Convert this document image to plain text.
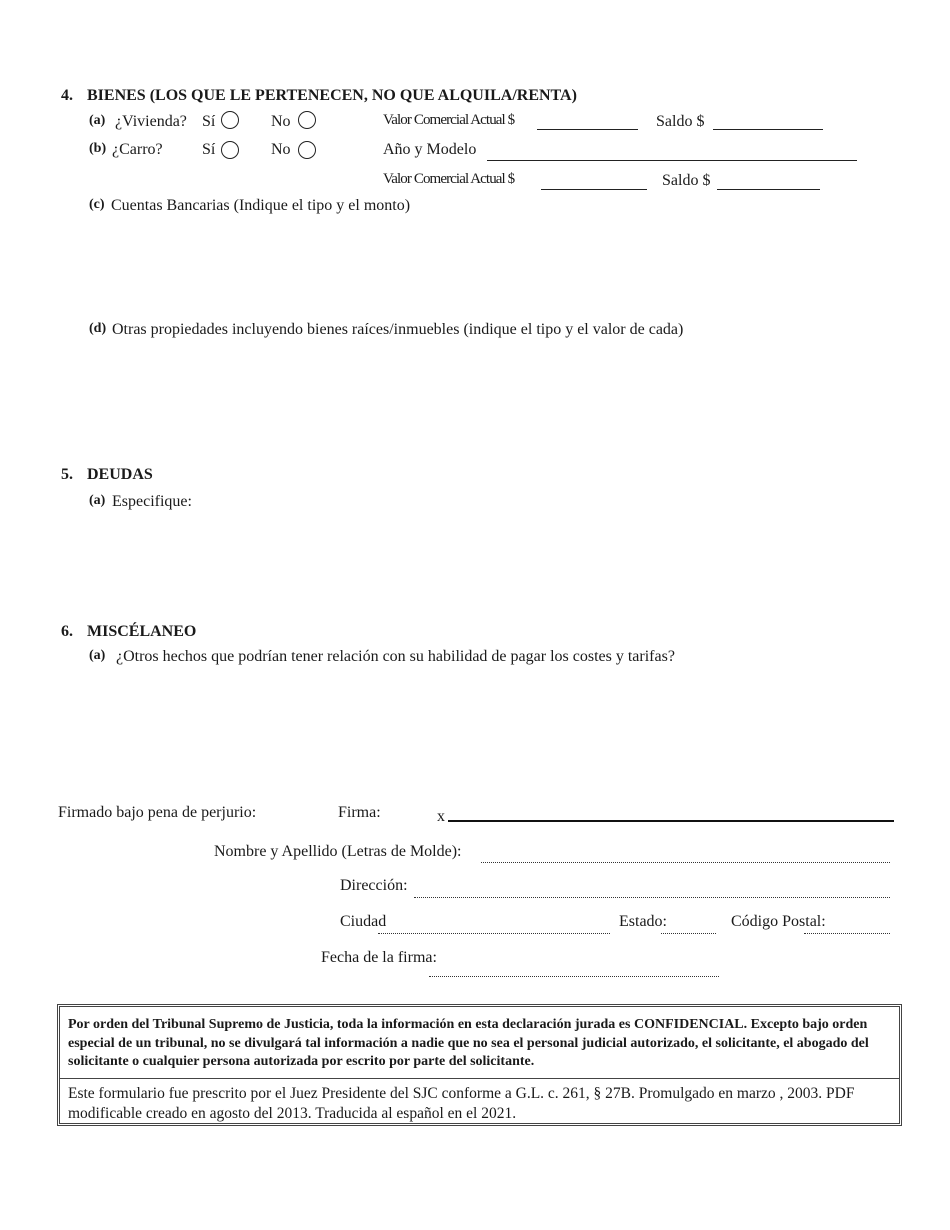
4. BIENES (LOS QUE LE PERTENECEN, NO QUE ALQUILA/RENTA)
(a) ¿Vivienda? Sí	No	Valor Comercial Actual $	Saldo $
(b) ¿Carro? Sí	No	Año y Modelo
Valor Comercial Actual $	Saldo $
(c) Cuentas Bancarias (Indique el tipo y el monto)
(d) Otras propiedades incluyendo bienes raíces/inmuebles (indique el tipo y el valor de cada)
5. DEUDAS
(a) Especifique:
6. MISCÉLANEO
(a) ¿Otros hechos que podrían tener relación con su habilidad de pagar los costes y tarifas?
Firmado bajo pena de perjurio:	Firma:	x
Nombre y Apellido (Letras de Molde):
Dirección:
Ciudad	Estado:	Código Postal:
Fecha de la firma:
Por orden del Tribunal Supremo de Justicia, toda la información en esta declaración jurada es CONFIDENCIAL. Excepto bajo orden especial de un tribunal, no se divulgará tal información a nadie que no sea el personal judicial autorizado, el solicitante, el abogado del solicitante o cualquier persona autorizada por escrito por parte del solicitante.
Este formulario fue prescrito por el Juez Presidente del SJC conforme a G.L. c. 261, § 27B. Promulgado en marzo , 2003. PDF modificable creado en agosto del 2013. Traducida al español en el 2021.
